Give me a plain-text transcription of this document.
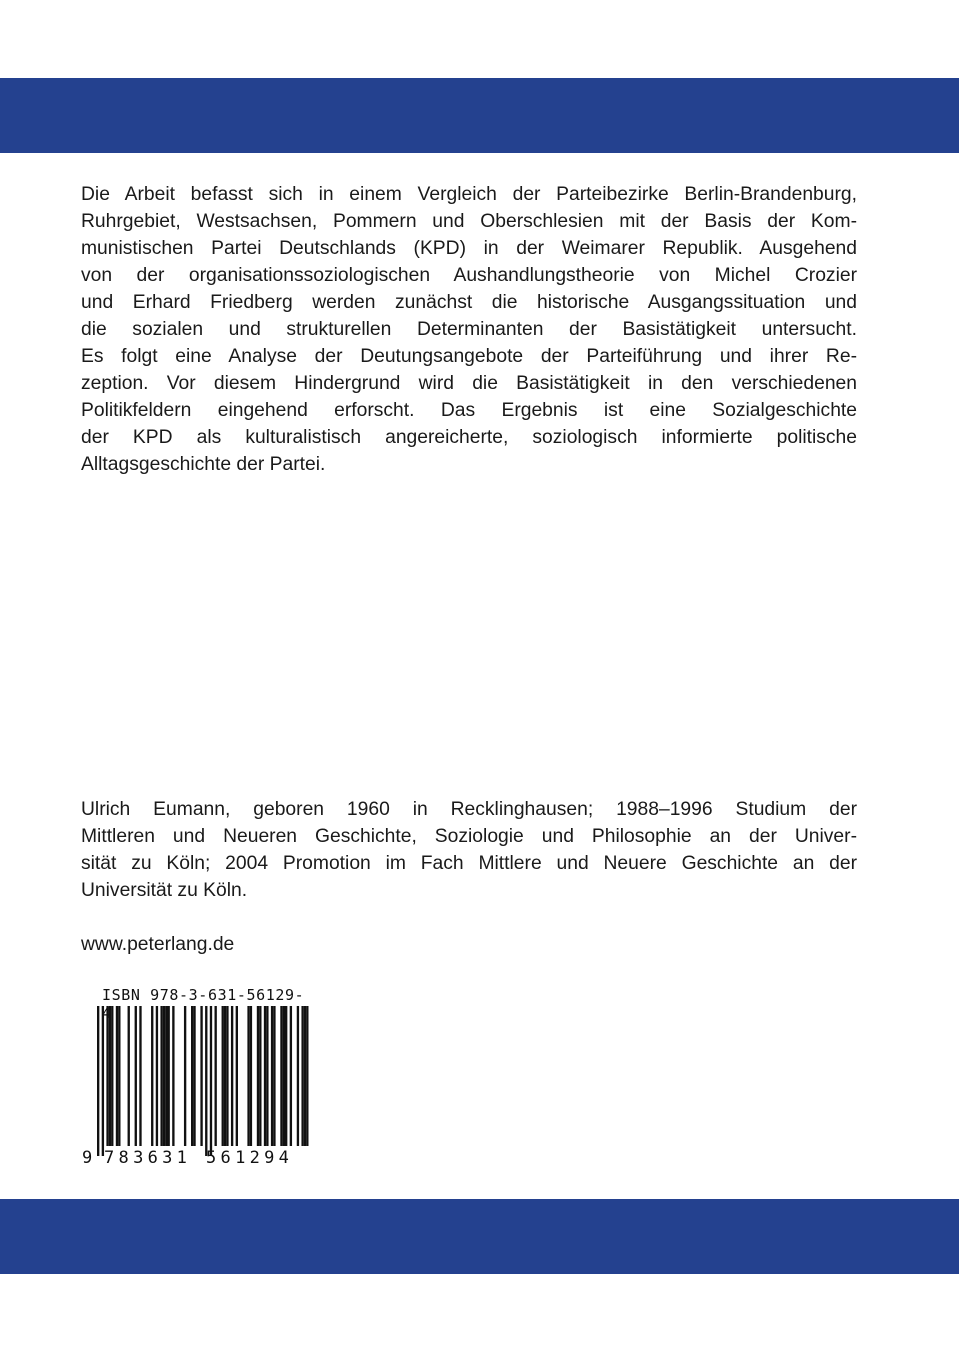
Die Arbeit befasst sich in einem Vergleich der Parteibezirke Berlin-Brandenburg,
Ruhrgebiet, Westsachsen, Pommern und Oberschlesien mit der Basis der Kom-
munistischen Partei Deutschlands (KPD) in der Weimarer Republik. Ausgehend
von der organisationssoziologischen Aushandlungstheorie von Michel Crozier
und Erhard Friedberg werden zunächst die historische Ausgangssituation und
die sozialen und strukturellen Determinanten der Basistätigkeit untersucht.
Es folgt eine Analyse der Deutungsangebote der Parteiführung und ihrer Re-
zeption. Vor diesem Hindergrund wird die Basistätigkeit in den verschiedenen
Politikfeldern eingehend erforscht. Das Ergebnis ist eine Sozialgeschichte
der KPD als kulturalistisch angereicherte, soziologisch informierte politische
Alltagsgeschichte der Partei.
Ulrich Eumann, geboren 1960 in Recklinghausen; 1988–1996 Studium der
Mittleren und Neueren Geschichte, Soziologie und Philosophie an der Univer-
sität zu Köln; 2004 Promotion im Fach Mittlere und Neuere Geschichte an der
Universität zu Köln.
www.peterlang.de
ISBN 978-3-631-56129-
9 783631 561294
